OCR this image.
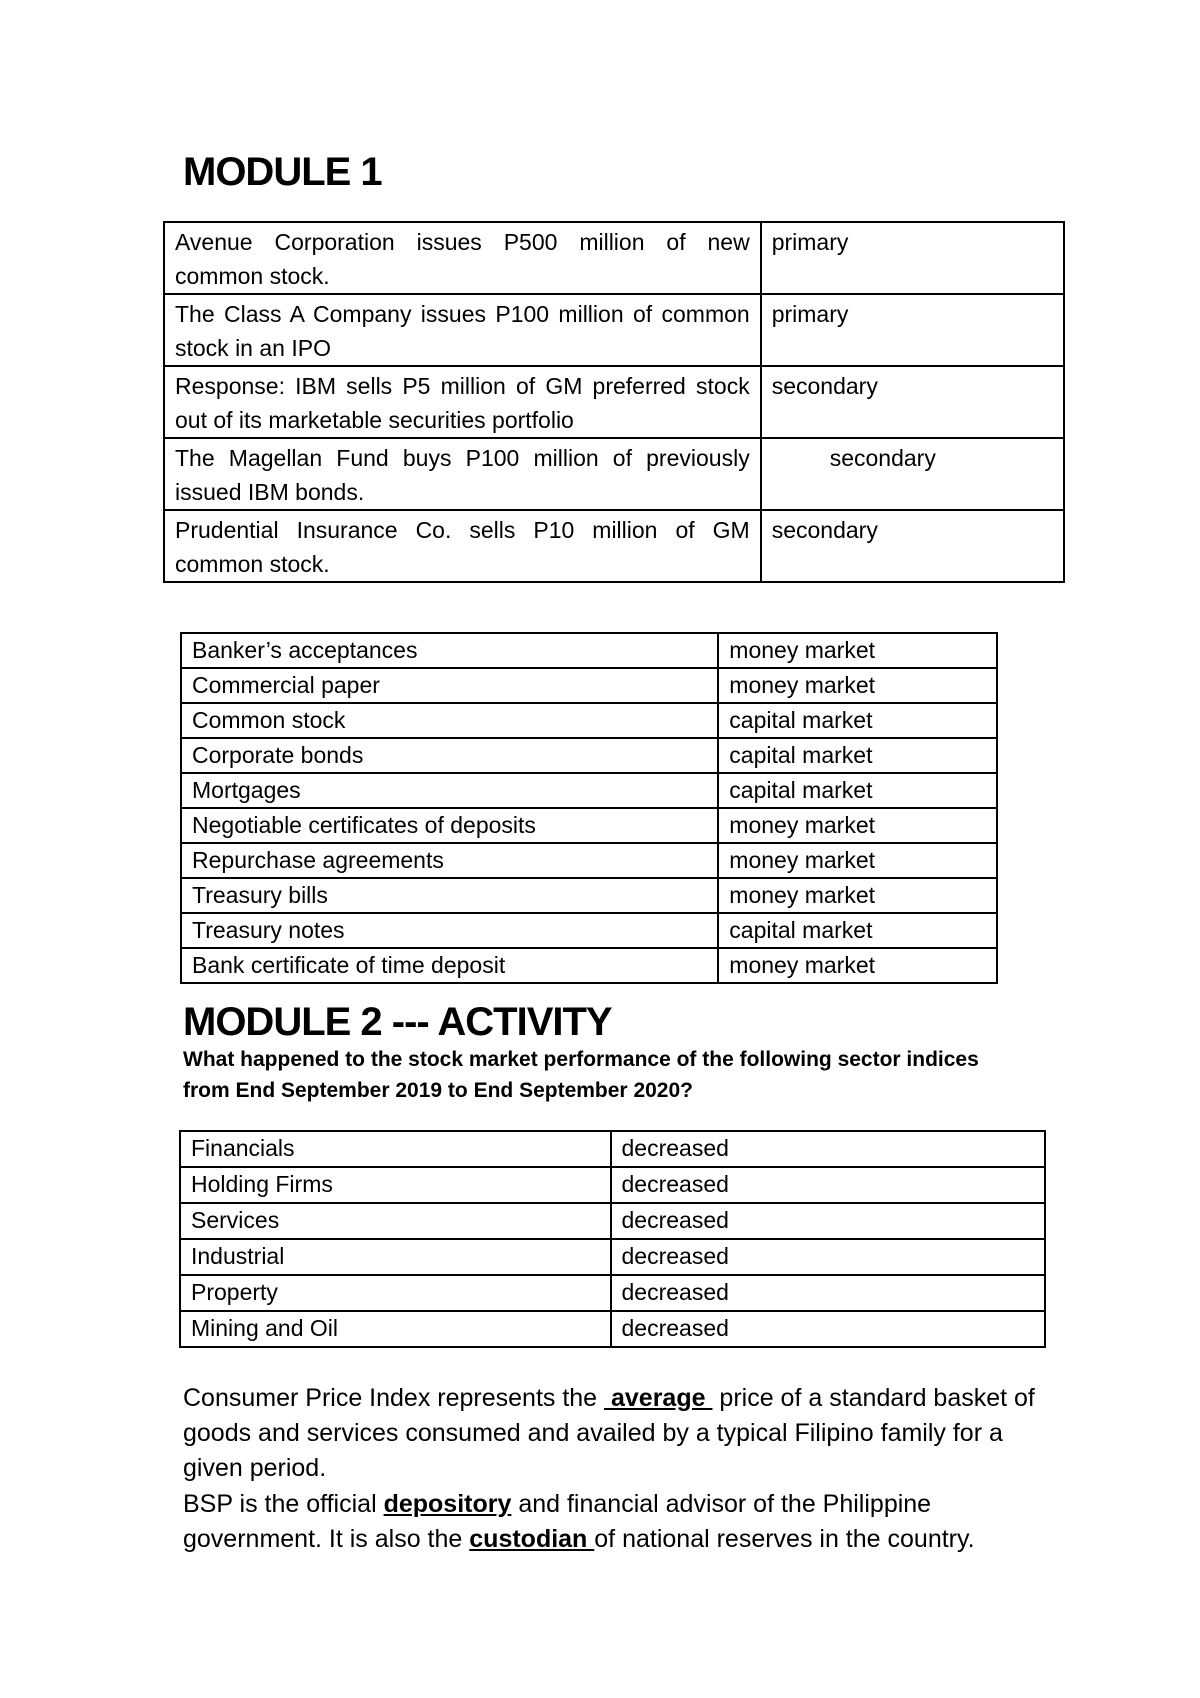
MODULE 1
Avenue Corporation issues P500 million of new common stock.	primary
The Class A Company issues P100 million of common stock in an IPO	primary
Response: IBM sells P5 million of GM preferred stock out of its marketable securities portfolio	secondary
The Magellan Fund buys P100 million of previously issued IBM bonds.	secondary
Prudential Insurance Co. sells P10 million of GM common stock.	secondary
Banker’s acceptances	money market
Commercial paper	money market
Common stock	capital market
Corporate bonds	capital market
Mortgages	capital market
Negotiable certificates of deposits	money market
Repurchase agreements	money market
Treasury bills	money market
Treasury notes	capital market
Bank certificate of time deposit	money market
MODULE 2 --- ACTIVITY

What happened to the stock market performance of the following sector indices from End September 2019 to End September 2020?

Financials	decreased
Holding Firms	decreased
Services	decreased
Industrial	decreased
Property	decreased
Mining and Oil	decreased

Consumer Price Index represents the  average  price of a standard basket of goods and services consumed and availed by a typical Filipino family for a given period.

BSP is the official depository and financial advisor of the Philippine government. It is also the custodian of national reserves in the country.
